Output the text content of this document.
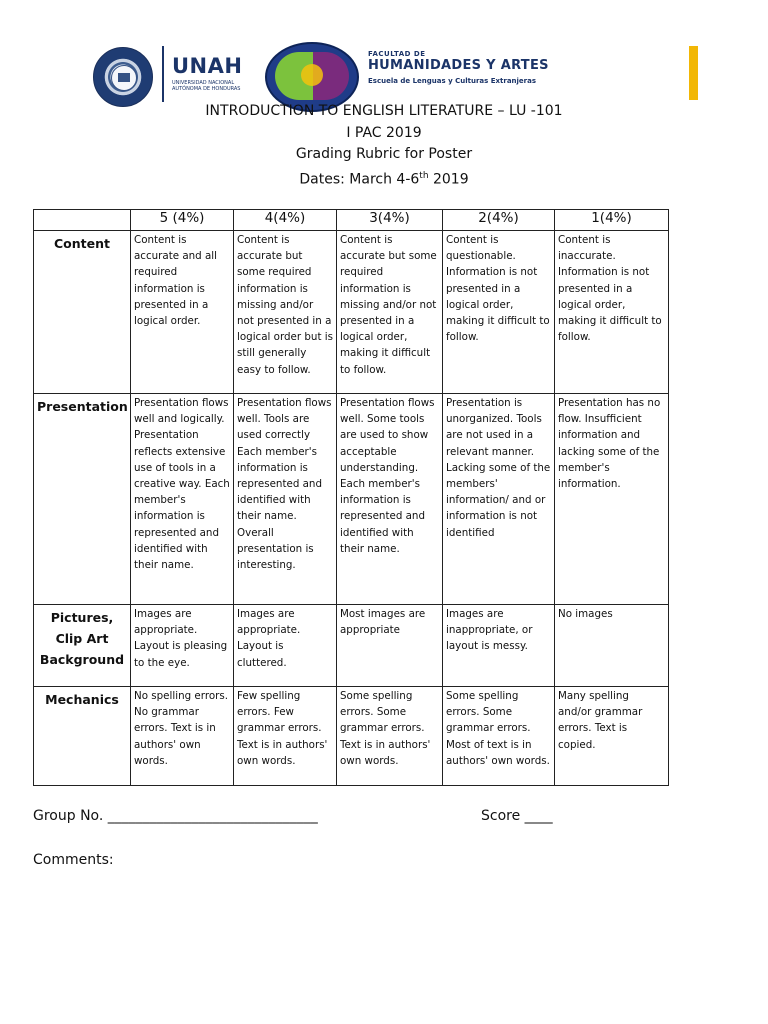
UNAH
UNIVERSIDAD NACIONAL AUTÓNOMA DE HONDURAS
FACULTAD DE
HUMANIDADES Y ARTES
Escuela de Lenguas y Culturas Extranjeras
INTRODUCTION TO ENGLISH LITERATURE – LU -101
I PAC 2019
Grading Rubric for Poster
Dates: March 4-6th 2019
	5 (4%)	4(4%)	3(4%)	2(4%)	1(4%)
Content	Content is accurate and all required information is presented in a logical order.	Content is accurate but some required information is missing and/or not presented in a logical order but is still generally easy to follow.	Content is accurate but some required information is missing and/or not presented in a logical order, making it difficult to follow.	Content is questionable. Information is not presented in a logical order, making it difficult to follow.	Content is inaccurate. Information is not presented in a logical order, making it difficult to follow.
Presentation	Presentation flows well and logically. Presentation reflects extensive use of tools in a creative way. Each member's information is represented and identified with their name.	Presentation flows well. Tools are used correctly Each member's information is represented and identified with their name. Overall presentation is interesting.	Presentation flows well. Some tools are used to show acceptable understanding. Each member's information is represented and identified with their name.	Presentation is unorganized. Tools are not used in a relevant manner. Lacking some of the members' information/ and or information is not identified	Presentation has no flow. Insufficient information and lacking some of the member's information.
Pictures, Clip Art Background	Images are appropriate. Layout is pleasing to the eye.	Images are appropriate. Layout is cluttered.	Most images are appropriate	Images are inappropriate, or layout is messy.	No images
Mechanics	No spelling errors. No grammar errors. Text is in authors' own words.	Few spelling errors. Few grammar errors. Text is in authors' own words.	Some spelling errors. Some grammar errors. Text is in authors' own words.	Some spelling errors. Some grammar errors. Most of text is in authors' own words.	Many spelling and/or grammar errors. Text is copied.
Group No. ______________________________	Score ____
Comments:
